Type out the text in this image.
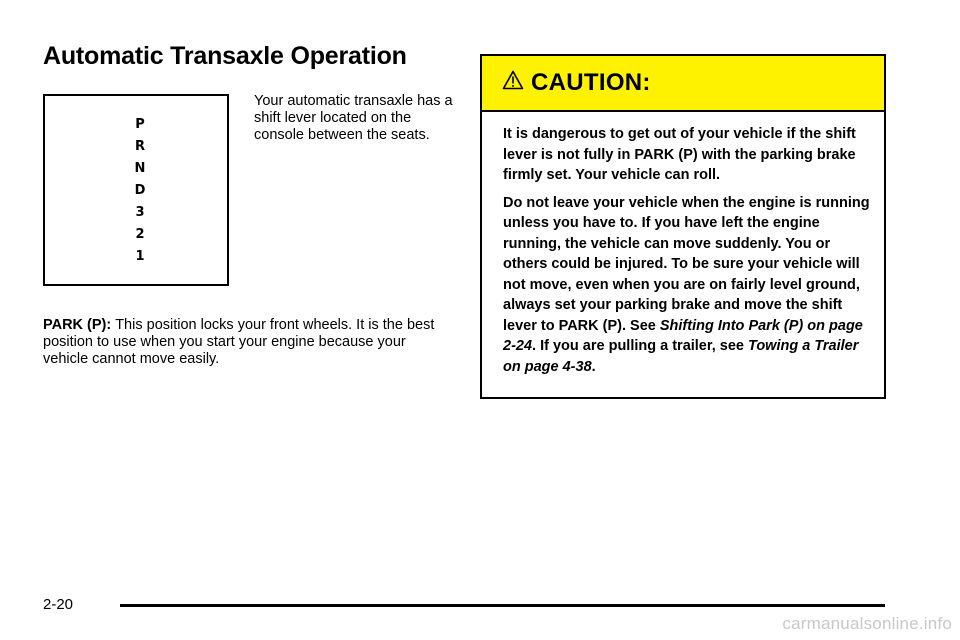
Automatic Transaxle Operation
P
R
N
D
3
2
1
Your automatic transaxle has a shift lever located on the console between the seats.
PARK (P): This position locks your front wheels. It is the best position to use when you start your engine because your vehicle cannot move easily.
CAUTION:

It is dangerous to get out of your vehicle if the shift lever is not fully in PARK (P) with the parking brake firmly set. Your vehicle can roll.

Do not leave your vehicle when the engine is running unless you have to. If you have left the engine running, the vehicle can move suddenly. You or others could be injured. To be sure your vehicle will not move, even when you are on fairly level ground, always set your parking brake and move the shift lever to PARK (P). See Shifting Into Park (P) on page 2-24. If you are pulling a trailer, see Towing a Trailer on page 4-38.

2-20
carmanualsonline.info
